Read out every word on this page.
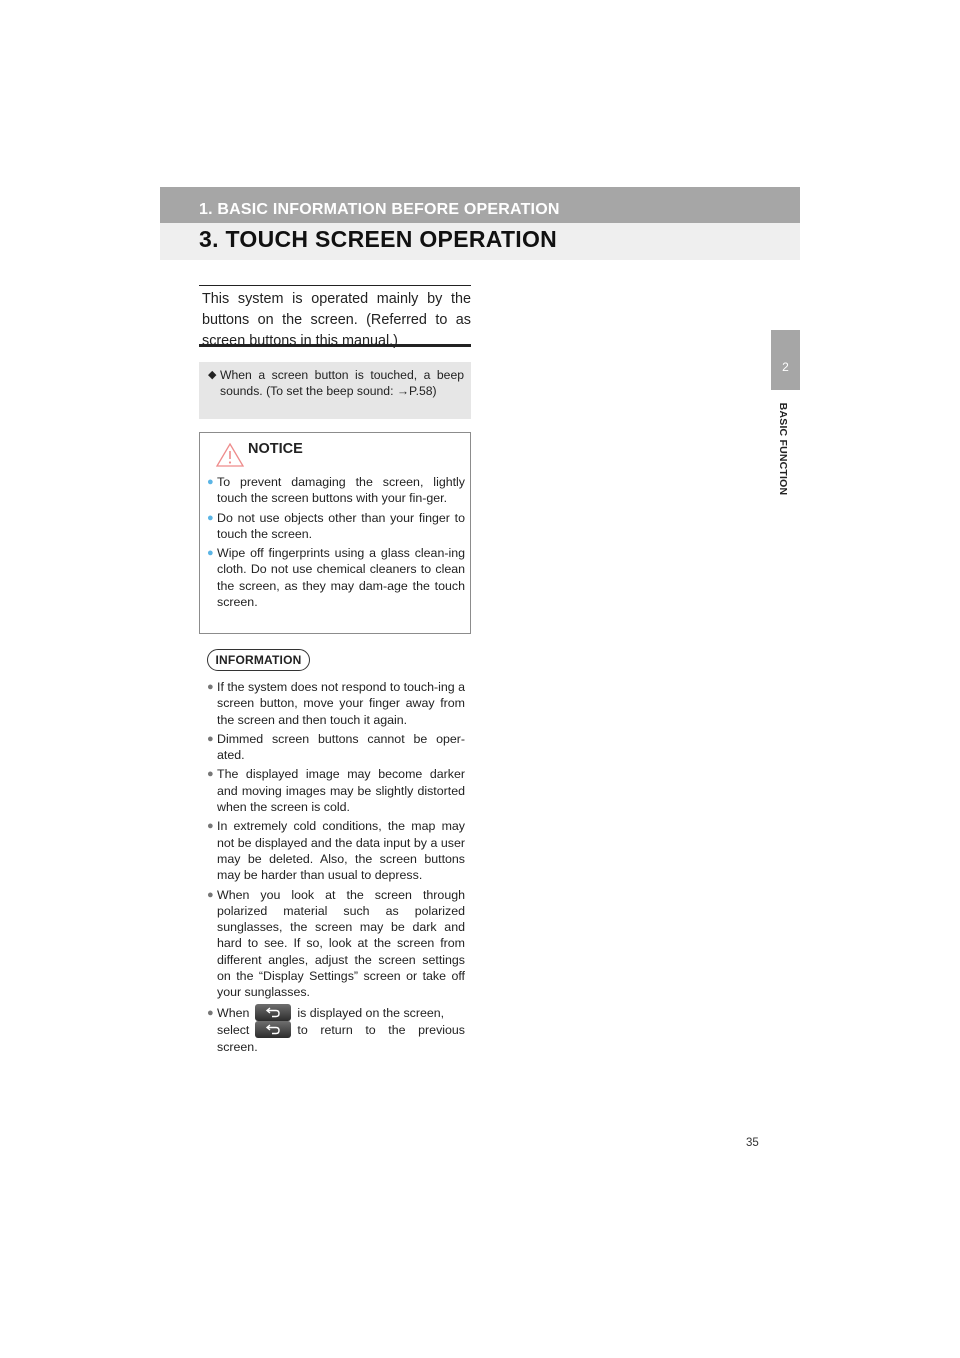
1. BASIC INFORMATION BEFORE OPERATION
3. TOUCH SCREEN OPERATION
2
BASIC FUNCTION
This system is operated mainly by the buttons on the screen. (Referred to as screen buttons in this manual.)
◆ When a screen button is touched, a beep sounds. (To set the beep sound: →P.58)
NOTICE
● To prevent damaging the screen, lightly touch the screen buttons with your fin-ger.
● Do not use objects other than your finger to touch the screen.
● Wipe off fingerprints using a glass clean-ing cloth. Do not use chemical cleaners to clean the screen, as they may dam-age the touch screen.
INFORMATION
● If the system does not respond to touch-ing a screen button, move your finger away from the screen and then touch it again.
● Dimmed screen buttons cannot be oper-ated.
● The displayed image may become darker and moving images may be slightly distorted when the screen is cold.
● In extremely cold conditions, the map may not be displayed and the data input by a user may be deleted. Also, the screen buttons may be harder than usual to depress.
● When you look at the screen through polarized material such as polarized sunglasses, the screen may be dark and hard to see. If so, look at the screen from different angles, adjust the screen settings on the “Display Settings” screen or take off your sunglasses.
● When	is displayed on the screen,
select	to return to the previous screen.
35
